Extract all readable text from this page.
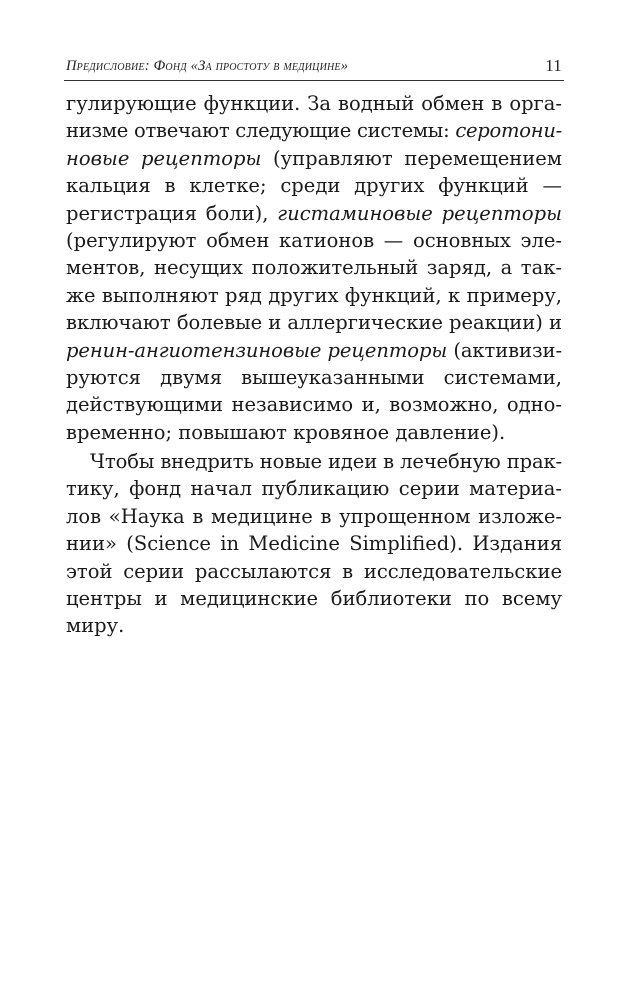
Предисловие: Фонд «За простоту в медицине»	11
гулирующие функции. За водный обмен в орга-
низме отвечают следующие системы: серотони-
новые рецепторы (управляют перемещением
кальция в клетке; среди других функций —
регистрация боли), гистаминовые рецепторы
(регулируют обмен катионов — основных эле-
ментов, несущих положительный заряд, а так-
же выполняют ряд других функций, к примеру,
включают болевые и аллергические реакции) и
ренин-ангиотензиновые рецепторы (активизи-
руются двумя вышеуказанными системами,
действующими независимо и, возможно, одно-
временно; повышают кровяное давление).
Чтобы внедрить новые идеи в лечебную прак-
тику, фонд начал публикацию серии материа-
лов «Наука в медицине в упрощенном изложе-
нии» (Science in Medicine Simplified). Издания
этой серии рассылаются в исследовательские
центры и медицинские библиотеки по всему
миру.
